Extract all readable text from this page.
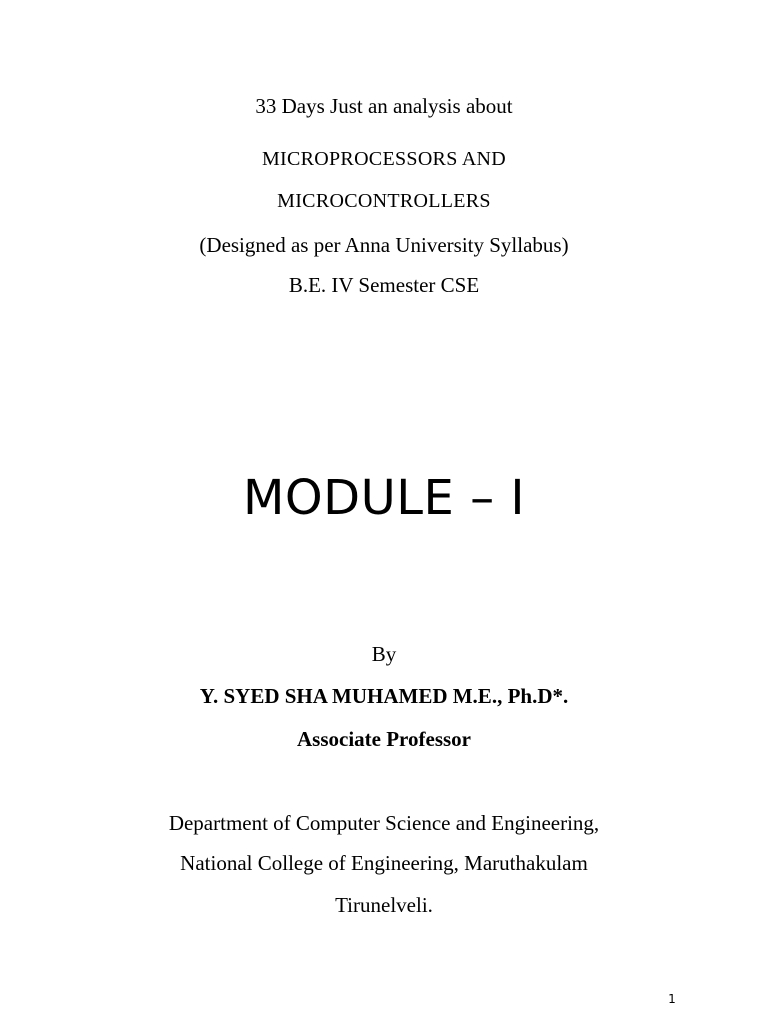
33 Days Just an analysis about
MICROPROCESSORS AND
MICROCONTROLLERS
(Designed as per Anna University Syllabus)
B.E. IV Semester CSE
MODULE – I
By
Y. SYED SHA MUHAMED M.E., Ph.D*.
Associate Professor
Department of Computer Science and Engineering,
National College of Engineering, Maruthakulam
Tirunelveli.
1
